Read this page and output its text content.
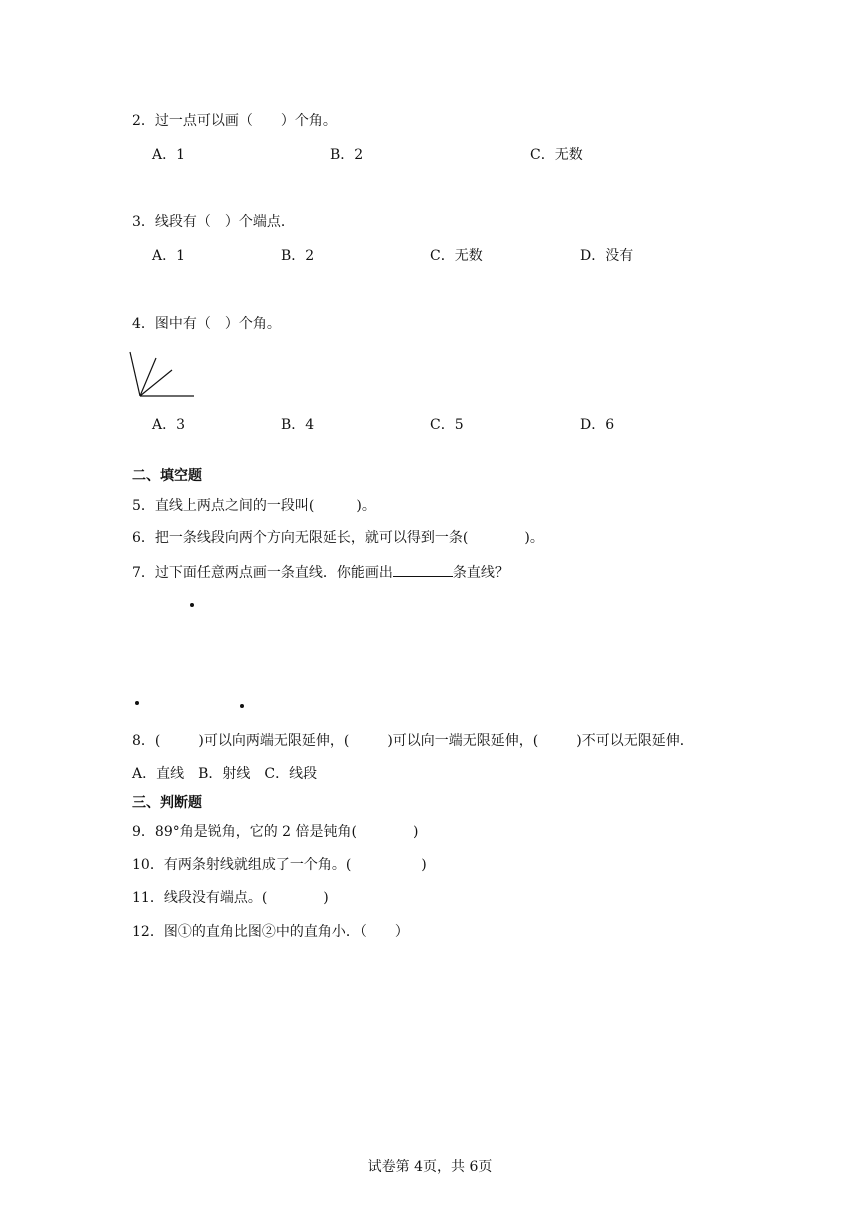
2．过一点可以画（　　）个角。
A．1	B．2	C．无数
3．线段有（　）个端点．
A．1	B．2	C．无数	D．没有
4．图中有（　）个角。
A．3	B．4	C．5	D．6
二、填空题
5．直线上两点之间的一段叫(　　　)。
6．把一条线段向两个方向无限延长，就可以得到一条(　　　　)。
7．过下面任意两点画一条直线．你能画出	条直线？
8．(	)可以向两端无限延伸，(	)可以向一端无限延伸，(	)不可以无限延伸．
A．直线　B．射线　C．线段
三、判断题
9．89°角是锐角，它的 2 倍是钝角(　　　　)
10．有两条射线就组成了一个角。(　　　　　)
11．线段没有端点。(　　　　)
12．图①的直角比图②中的直角小．（　　）
试卷第 4页，共 6页
